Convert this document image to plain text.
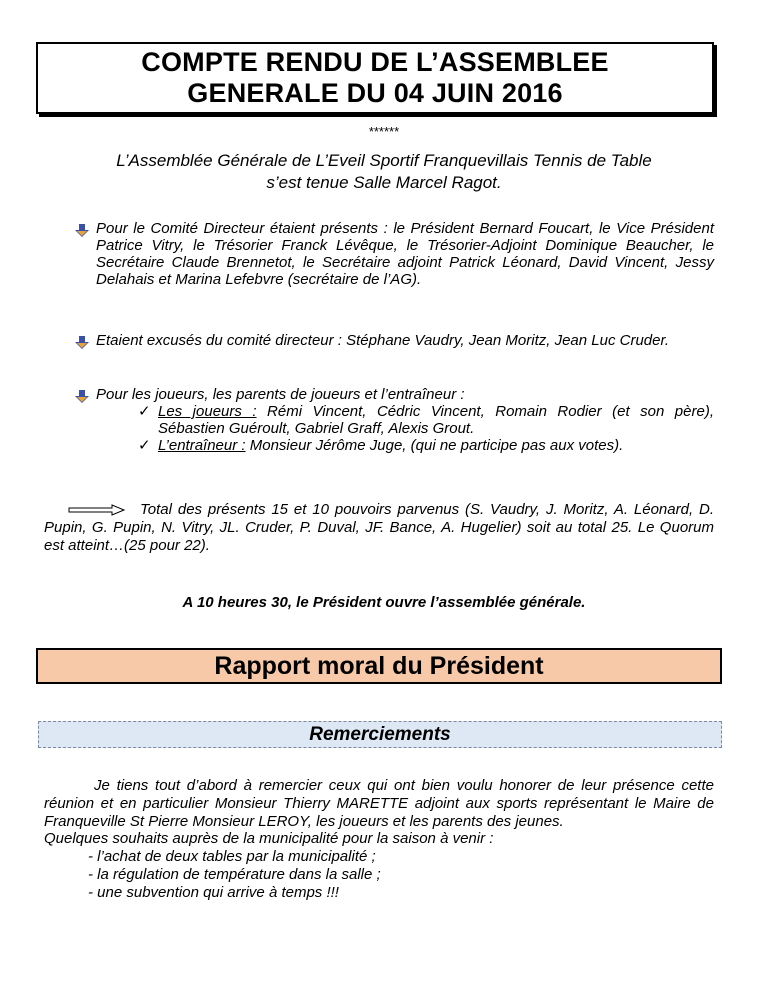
COMPTE RENDU DE L’ASSEMBLEE
GENERALE DU 04 JUIN 2016
******
L’Assemblée Générale de L’Eveil Sportif Franquevillais Tennis de Table
s’est tenue Salle Marcel Ragot.
Pour le Comité Directeur étaient présents : le Président Bernard Foucart, le Vice Président Patrice Vitry, le Trésorier Franck Lévêque, le Trésorier-Adjoint Dominique Beaucher, le Secrétaire Claude Brennetot, le Secrétaire adjoint Patrick Léonard, David Vincent, Jessy Delahais et Marina Lefebvre (secrétaire de l’AG).
Etaient excusés du comité directeur : Stéphane Vaudry, Jean Moritz, Jean Luc Cruder.
Pour les joueurs, les parents de joueurs et l’entraîneur :
✓ Les joueurs : Rémi Vincent, Cédric Vincent, Romain Rodier (et son père), Sébastien Guéroult, Gabriel Graff, Alexis Grout.
✓ L’entraîneur : Monsieur Jérôme Juge, (qui ne participe pas aux votes).
Total des présents 15 et 10 pouvoirs parvenus (S. Vaudry, J. Moritz, A. Léonard, D. Pupin, G. Pupin, N. Vitry, JL. Cruder, P. Duval, JF. Bance, A. Hugelier) soit au total 25. Le Quorum est atteint…(25 pour 22).
A 10 heures 30, le Président ouvre l’assemblée générale.
Rapport moral du Président
Remerciements
Je tiens tout d’abord à remercier ceux qui ont bien voulu honorer de leur présence cette réunion et en particulier Monsieur Thierry MARETTE adjoint aux sports représentant le Maire de Franqueville St Pierre Monsieur LEROY, les joueurs et les parents des jeunes.
Quelques souhaits auprès de la municipalité pour la saison à venir :
- l’achat de deux tables par la municipalité ;
- la régulation de température dans la salle ;
- une subvention qui arrive à temps !!!
